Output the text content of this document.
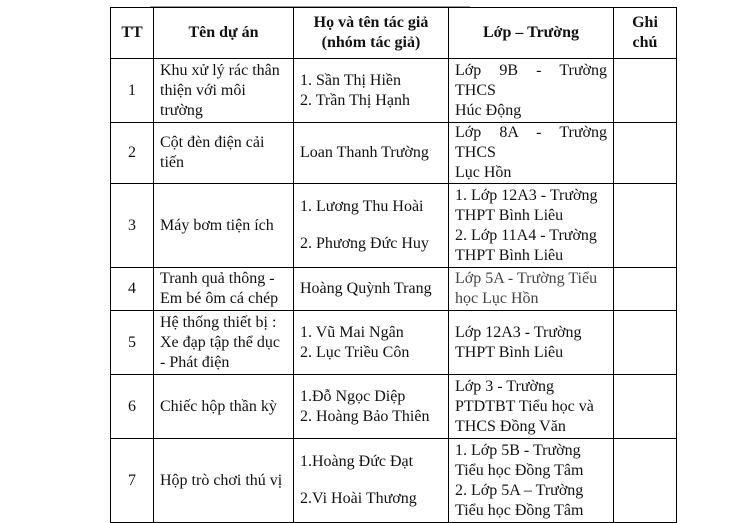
TT	Tên dự án	Họ và tên tác giả
(nhóm tác giả)	Lớp – Trường	Ghi
chú

1	Khu xử lý rác thân
thiện với môi
trường	1. Sần Thị Hiền
2. Trần Thị Hạnh	Lớp 9B - Trường THCS
Húc Động	

2	Cột đèn điện cải
tiến	Loan Thanh Trường	Lớp 8A - Trường THCS
Lục Hồn	

3	Máy bơm tiện ích	1. Lương Thu Hoài
2. Phương Đức Huy	1. Lớp 12A3 - Trường
THPT Bình Liêu
2. Lớp 11A4 - Trường
THPT Bình Liêu	

4	Tranh quả thông -
Em bé ôm cá chép	Hoàng Quỳnh Trang	Lớp 5A - Trường Tiểu
học Lục Hồn	

5	Hệ thống thiết bị :
Xe đạp tập thể dục
- Phát điện	1. Vũ Mai Ngân
2. Lục Triều Côn	Lớp 12A3 - Trường
THPT Bình Liêu	

6	Chiếc hộp thần kỳ	1.Đỗ Ngọc Diệp
2. Hoàng Bảo Thiên	Lớp 3 - Trường
PTDTBT Tiểu học và
THCS Đồng Văn	

7	Hộp trò chơi thú vị	1.Hoàng Đức Đạt
2.Vi Hoài Thương	1. Lớp 5B - Trường
Tiểu học Đồng Tâm
2. Lớp 5A – Trường
Tiểu học Đồng Tâm	
